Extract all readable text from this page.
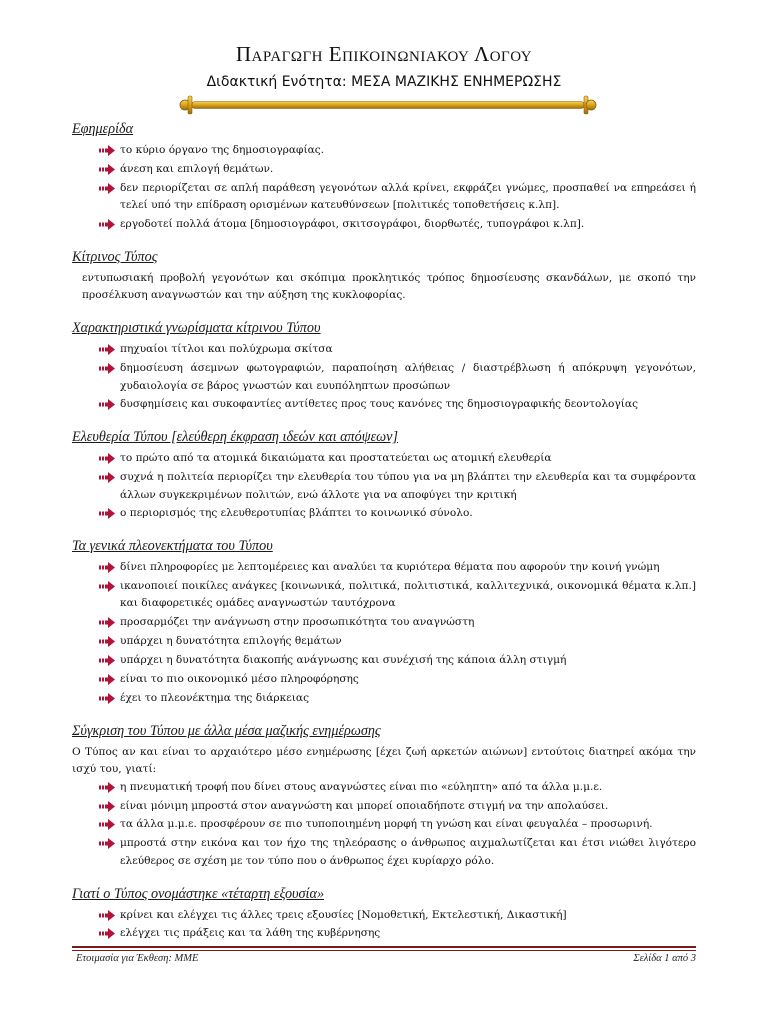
Παραγωγη Επικοινωνιακου Λογου
Διδακτική Ενότητα: ΜΕΣΑ ΜΑΖΙΚΗΣ ΕΝΗΜΕΡΩΣΗΣ
Εφημερίδα
το κύριο όργανο της δημοσιογραφίας.
άνεση και επιλογή θεμάτων.
δεν περιορίζεται σε απλή παράθεση γεγονότων αλλά κρίνει, εκφράζει γνώμες, προσπαθεί να επηρεάσει ή τελεί υπό την επίδραση ορισμένων κατευθύνσεων [πολιτικές τοποθετήσεις κ.λπ].
εργοδοτεί πολλά άτομα [δημοσιογράφοι, σκιτσογράφοι, διορθωτές, τυπογράφοι κ.λπ].
Κίτρινος Τύπος

εντυπωσιακή προβολή γεγονότων και σκόπιμα προκλητικός τρόπος δημοσίευσης σκανδάλων, με σκοπό την προσέλκυση αναγνωστών και την αύξηση της κυκλοφορίας.

Χαρακτηριστικά γνωρίσματα κίτρινου Τύπου
πηχυαίοι τίτλοι και πολύχρωμα σκίτσα
δημοσίευση άσεμνων φωτογραφιών, παραποίηση αλήθειας / διαστρέβλωση ή απόκρυψη γεγονότων, χυδαιολογία σε βάρος γνωστών και ευυπόληπτων προσώπων
δυσφημίσεις και συκοφαντίες αντίθετες προς τους κανόνες της δημοσιογραφικής δεοντολογίας
Ελευθερία Τύπου [ελεύθερη έκφραση ιδεών και απόψεων]
το πρώτο από τα ατομικά δικαιώματα και προστατεύεται ως ατομική ελευθερία
συχνά η πολιτεία περιορίζει την ελευθερία του τύπου για να μη βλάπτει την ελευθερία και τα συμφέροντα άλλων συγκεκριμένων πολιτών, ενώ άλλοτε για να αποφύγει την κριτική
ο περιορισμός της ελευθεροτυπίας βλάπτει το κοινωνικό σύνολο.
Τα γενικά πλεονεκτήματα του Τύπου
δίνει πληροφορίες με λεπτομέρειες και αναλύει τα κυριότερα θέματα που αφορούν την κοινή γνώμη
ικανοποιεί ποικίλες ανάγκες [κοινωνικά, πολιτικά, πολιτιστικά, καλλιτεχνικά, οικονομικά θέματα κ.λπ.] και διαφορετικές ομάδες αναγνωστών ταυτόχρονα
προσαρμόζει την ανάγνωση στην προσωπικότητα του αναγνώστη
υπάρχει η δυνατότητα επιλογής θεμάτων
υπάρχει η δυνατότητα διακοπής ανάγνωσης και συνέχισή της κάποια άλλη στιγμή
είναι το πιο οικονομικό μέσο πληροφόρησης
έχει το πλεονέκτημα της διάρκειας
Σύγκριση του Τύπου με άλλα μέσα μαζικής ενημέρωσης

Ο Τύπος αν και είναι το αρχαιότερο μέσο ενημέρωσης [έχει ζωή αρκετών αιώνων] εντούτοις διατηρεί ακόμα την ισχύ του, γιατί:

η πνευματική τροφή που δίνει στους αναγνώστες είναι πιο «εύληπτη» από τα άλλα μ.μ.ε.
είναι μόνιμη μπροστά στον αναγνώστη και μπορεί οποιαδήποτε στιγμή να την απολαύσει.
τα άλλα μ.μ.ε. προσφέρουν σε πιο τυποποιημένη μορφή τη γνώση και είναι φευγαλέα – προσωρινή.
μπροστά στην εικόνα και τον ήχο της τηλεόρασης ο άνθρωπος αιχμαλωτίζεται και έτσι νιώθει λιγότερο ελεύθερος σε σχέση με τον τύπο που ο άνθρωπος έχει κυρίαρχο ρόλο.
Γιατί ο Τύπος ονομάστηκε «τέταρτη εξουσία»
κρίνει και ελέγχει τις άλλες τρεις εξουσίες [Νομοθετική, Εκτελεστική, Δικαστική]
ελέγχει τις πράξεις και τα λάθη της κυβέρνησης
Ετοιμασία για Έκθεση: ΜΜΕ	Σελίδα 1 από 3
